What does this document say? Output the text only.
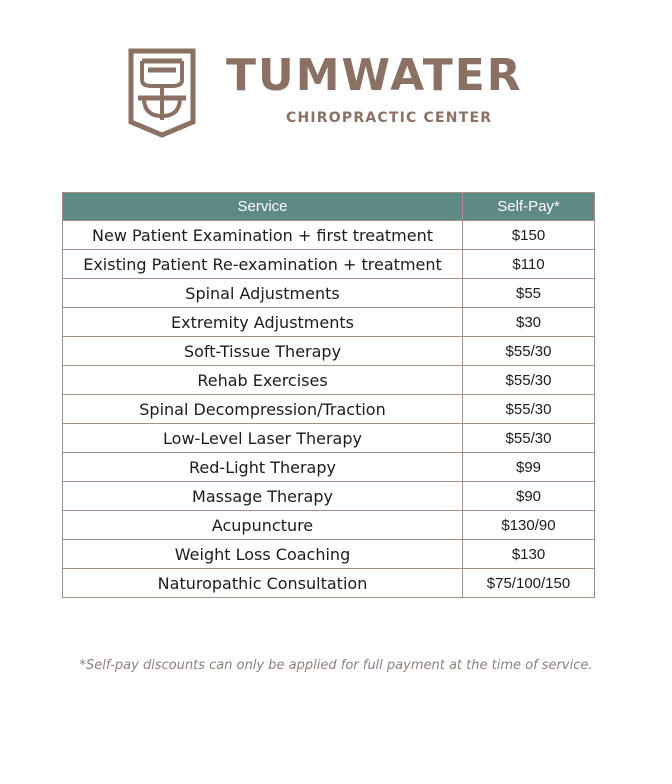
TUMWATER
CHIROPRACTIC CENTER
Service	Self-Pay*
New Patient Examination + first treatment	$150
Existing Patient Re-examination + treatment	$110
Spinal Adjustments	$55
Extremity Adjustments	$30
Soft-Tissue Therapy	$55/30
Rehab Exercises	$55/30
Spinal Decompression/Traction	$55/30
Low-Level Laser Therapy	$55/30
Red-Light Therapy	$99
Massage Therapy	$90
Acupuncture	$130/90
Weight Loss Coaching	$130
Naturopathic Consultation	$75/100/150
*Self-pay discounts can only be applied for full payment at the time of service.
